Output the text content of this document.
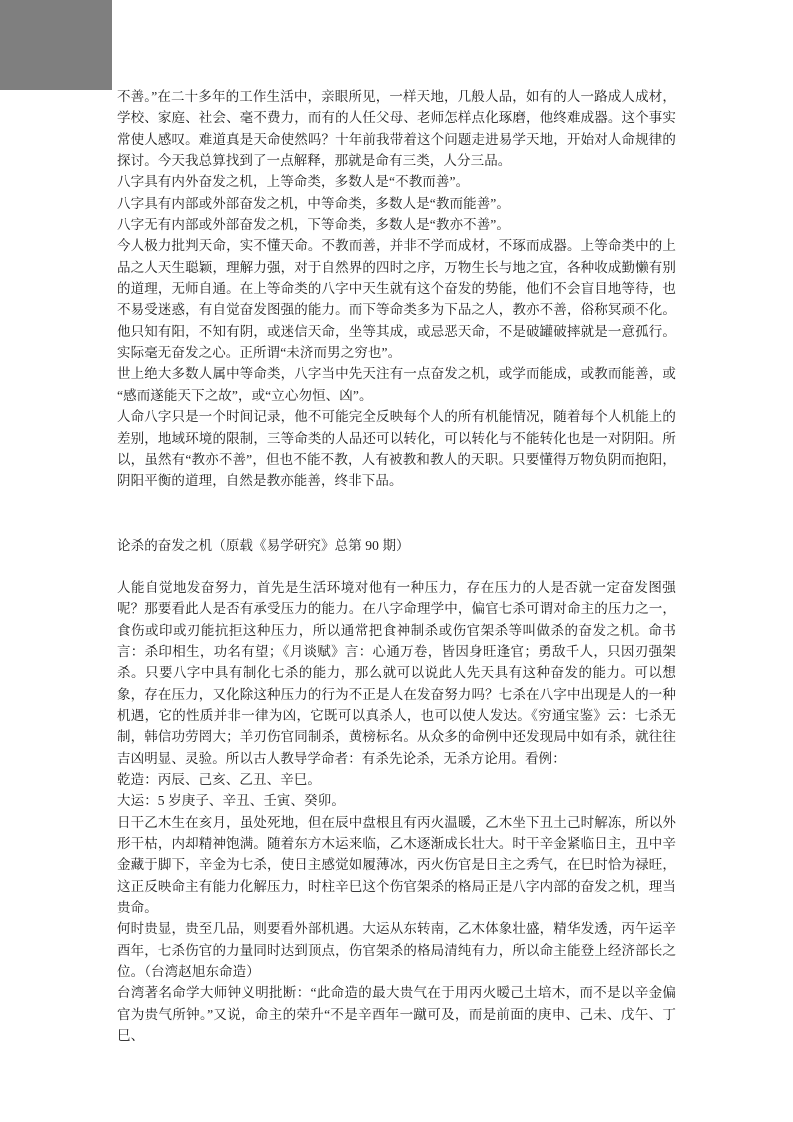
不善。”在二十多年的工作生活中，亲眼所见，一样天地，几般人品，如有的人一路成人成材，学校、家庭、社会、毫不费力，而有的人任父母、老师怎样点化琢磨，他终难成器。这个事实常使人感叹。难道真是天命使然吗？十年前我带着这个问题走进易学天地，开始对人命规律的探讨。今天我总算找到了一点解释，那就是命有三类，人分三品。

八字具有内外奋发之机，上等命类，多数人是“不教而善”。

八字具有内部或外部奋发之机，中等命类，多数人是“教而能善”。

八字无有内部或外部奋发之机，下等命类，多数人是“教亦不善”。

今人极力批判天命，实不懂天命。不教而善，并非不学而成材，不琢而成器。上等命类中的上品之人天生聪颖，理解力强，对于自然界的四时之序，万物生长与地之宜，各种收成勤懒有别的道理，无师自通。在上等命类的八字中天生就有这个奋发的势能，他们不会盲目地等待，也不易受迷惑，有自觉奋发图强的能力。而下等命类多为下品之人，教亦不善，俗称冥顽不化。他只知有阳，不知有阴，或迷信天命，坐等其成，或忌恶天命，不是破罐破摔就是一意孤行。实际毫无奋发之心。正所谓“未济而男之穷也”。

世上绝大多数人属中等命类，八字当中先天注有一点奋发之机，或学而能成，或教而能善，或“感而遂能天下之故”，或“立心勿恒、凶”。

人命八字只是一个时间记录，他不可能完全反映每个人的所有机能情况，随着每个人机能上的差别，地域环境的限制，三等命类的人品还可以转化，可以转化与不能转化也是一对阴阳。所以，虽然有“教亦不善”，但也不能不教，人有被教和教人的天职。只要懂得万物负阴而抱阳，阴阳平衡的道理，自然是教亦能善，终非下品。

论杀的奋发之机（原载《易学研究》总第 90 期）

人能自觉地发奋努力，首先是生活环境对他有一种压力，存在压力的人是否就一定奋发图强呢？那要看此人是否有承受压力的能力。在八字命理学中，偏官七杀可谓对命主的压力之一，食伤或印或刃能抗拒这种压力，所以通常把食神制杀或伤官架杀等叫做杀的奋发之机。命书言：杀印相生，功名有望；《月谈赋》言：心通万卷，皆因身旺逢官；勇敌千人，只因刃强架杀。只要八字中具有制化七杀的能力，那么就可以说此人先天具有这种奋发的能力。可以想象，存在压力，又化除这种压力的行为不正是人在发奋努力吗？七杀在八字中出现是人的一种机遇，它的性质并非一律为凶，它既可以真杀人，也可以使人发达。《穷通宝鉴》云：七杀无制，韩信功劳罔大；羊刃伤官同制杀，黄榜标名。从众多的命例中还发现局中如有杀，就往往吉凶明显、灵验。所以古人教导学命者：有杀先论杀，无杀方论用。看例：

乾造：丙辰、己亥、乙丑、辛巳。

大运：5 岁庚子、辛丑、壬寅、癸卯。

日干乙木生在亥月，虽处死地，但在辰中盘根且有丙火温暖，乙木坐下丑土己时解冻，所以外形干枯，内却精神饱满。随着东方木运来临，乙木逐渐成长壮大。时干辛金紧临日主，丑中辛金藏于脚下，辛金为七杀，使日主感觉如履薄冰，丙火伤官是日主之秀气，在巳时恰为禄旺，这正反映命主有能力化解压力，时柱辛巳这个伤官架杀的格局正是八字内部的奋发之机，理当贵命。

何时贵显，贵至几品，则要看外部机遇。大运从东转南，乙木体象壮盛，精华发透，丙午运辛酉年，七杀伤官的力量同时达到顶点，伤官架杀的格局清纯有力，所以命主能登上经济部长之位。（台湾赵旭东命造）

台湾著名命学大师钟义明批断：“此命造的最大贵气在于用丙火暧己土培木，而不是以辛金偏官为贵气所钟。”又说，命主的荣升“不是辛酉年一蹴可及，而是前面的庚申、己未、戊午、丁巳、
